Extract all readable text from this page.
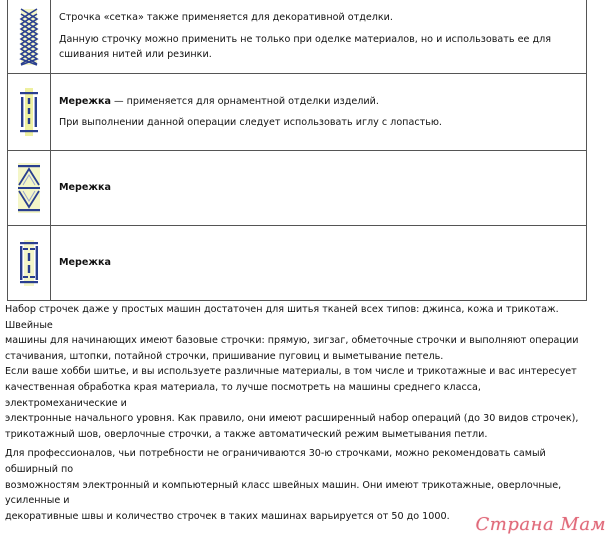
Строчка «сетка» также применяется для декоративной отделки.

Данную строчку можно применить не только при оделке материалов, но и использовать ее для сшивания нитей или резинки.

Мережка — применяется для орнаментной отделки изделий.

При выполнении данной операции следует использовать иглу с лопастью.

Мережка

Мережка

Набор строчек даже у простых машин достаточен для шитья тканей всех типов: джинса, кожа и трикотаж. Швейные

машины для начинающих имеют базовые строчки: прямую, зигзаг, обметочные строчки и выполняют операции

стачивания, штопки, потайной строчки, пришивание пуговиц и выметывание петель.

Если ваше хобби шитье, и вы используете различные материалы, в том числе и трикотажные и вас интересует

качественная обработка края материала, то лучше посмотреть на машины среднего класса, электромеханические и

электронные начального уровня. Как правило, они имеют расширенный набор операций (до 30 видов строчек),

трикотажный шов, оверлочные строчки, а также автоматический режим выметывания петли.

Для профессионалов, чьи потребности не ограничиваются 30-ю строчками, можно рекомендовать самый обширный по

возможностям электронный и компьютерный класс швейных машин. Они имеют трикотажные, оверлочные, усиленные и

декоративные швы и количество строчек в таких машинах варьируется от 50 до 1000.	Страна Мам
